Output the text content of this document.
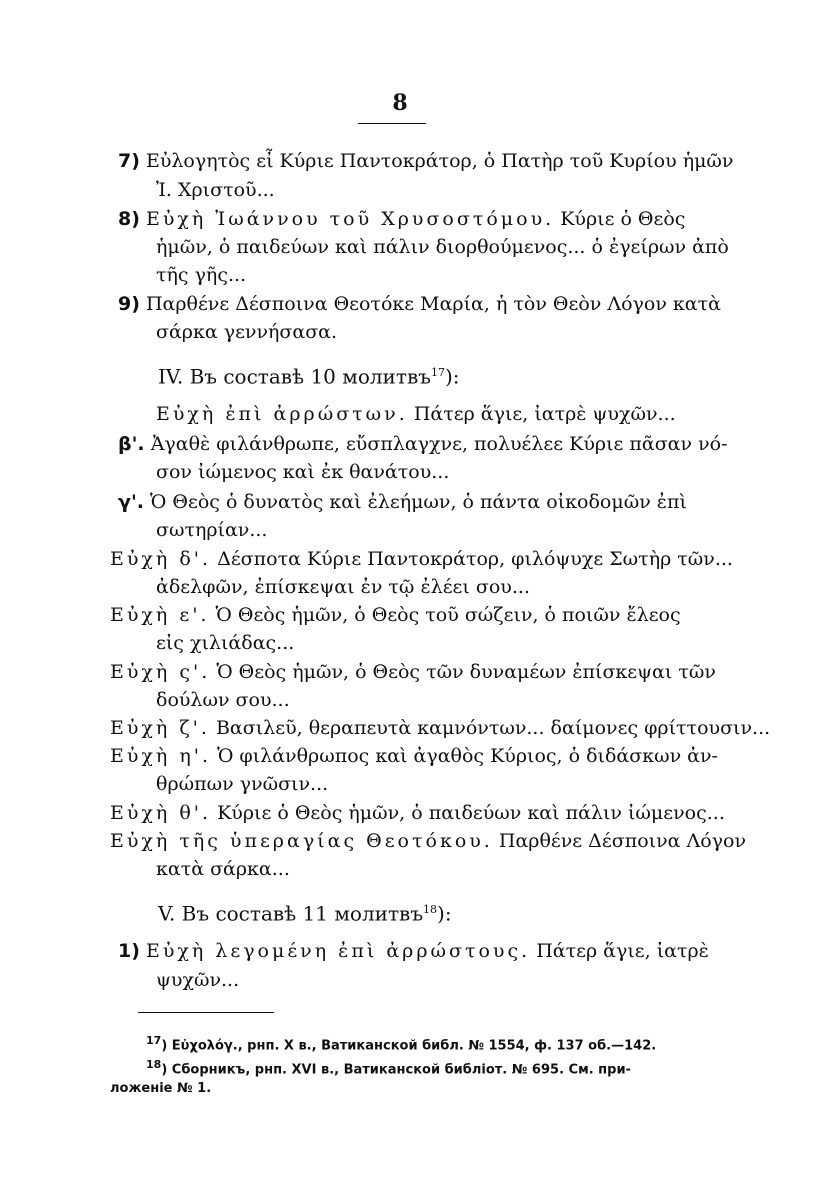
8
7) Εὐλογητὸς εἶ Κύριε Παντοκράτορ, ὁ Πατὴρ τοῦ Κυρίου ἡμῶν
Ἰ. Χριστοῦ...
8) Εὐχὴ Ἰωάννου τοῦ Χρυσοστόμου. Κύριε ὁ Θεὸς
ἡμῶν, ὁ παιδεύων καὶ πάλιν διορθούμενος... ὁ ἐγείρων ἀπὸ
τῆς γῆς...
9) Παρθένε Δέσποινα Θεοτόκε Μαρία, ἡ τὸν Θεὸν Λόγον κατὰ
σάρκα γεννήσασα.
IV. Въ составѣ 10 молитвъ$^{17}$):
Εὐχὴ ἐπὶ ἀρρώστων. Πάτερ ἅγιε, ἰατρὲ ψυχῶν...
β'. Ἀγαθὲ φιλάνθρωπε, εὔσπλαγχνε, πολυέλεε Κύριε πᾶσαν νό-
σον ἰώμενος καὶ ἐκ θανάτου...
γ'. Ὁ Θεὸς ὁ δυνατὸς καὶ ἐλεήμων, ὁ πάντα οἰκοδομῶν ἐπὶ
σωτηρίαν...
Εὐχὴ δ'. Δέσποτα Κύριε Παντοκράτορ, φιλόψυχε Σωτὴρ τῶν...
ἀδελφῶν, ἐπίσκεψαι ἐν τῷ ἐλέει σου...
Εὐχὴ ε'. Ὁ Θεὸς ἡμῶν, ὁ Θεὸς τοῦ σώζειν, ὁ ποιῶν ἔλεος
εἰς χιλιάδας...
Εὐχὴ ς'. Ὁ Θεὸς ἡμῶν, ὁ Θεὸς τῶν δυναμέων ἐπίσκεψαι τῶν
δούλων σου...
Εὐχὴ ζ'. Βασιλεῦ, θεραπευτὰ καμνόντων... δαίμονες φρίττουσιν...
Εὐχὴ η'. Ὁ φιλάνθρωπος καὶ ἀγαθὸς Κύριος, ὁ διδάσκων ἀν-
θρώπων γνῶσιν...
Εὐχὴ θ'. Κύριε ὁ Θεὸς ἡμῶν, ὁ παιδεύων καὶ πάλιν ἰώμενος...
Εὐχὴ τῆς ὑπεραγίας Θεοτόκου. Παρθένε Δέσποινα Λόγον
κατὰ σάρκα...
V. Въ составѣ 11 молитвъ$^{18}$):
1) Εὐχὴ λεγομένη ἐπὶ ἀρρώστους. Πάτερ ἅγιε, ἰατρὲ
ψυχῶν...
$^{17}$) Εὐχολόγ., рнп. X в., Ватиканской библ. № 1554, ф. 137 об.—142.
$^{18}$) Сборникъ, рнп. XVI в., Ватиканской библіот. № 695. См. при-
ложеніе № 1.
